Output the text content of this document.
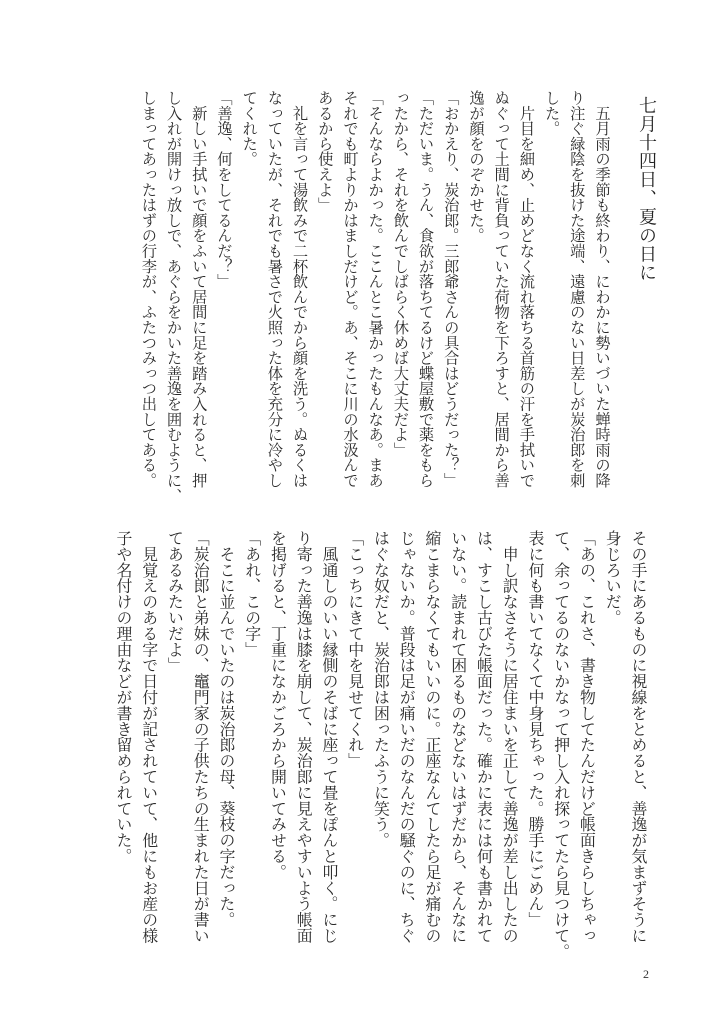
七月十四日、夏の日に
　五月雨の季節も終わり、にわかに勢いづいた蝉時雨の降
り注ぐ緑陰を抜けた途端、遠慮のない日差しが炭治郎を刺
した。
　片目を細め、止めどなく流れ落ちる首筋の汗を手拭いで
ぬぐって土間に背負っていた荷物を下ろすと、居間から善
逸が顔をのぞかせた。
「おかえり、炭治郎。三郎爺さんの具合はどうだった？」
「ただいま。うん、食欲が落ちてるけど蝶屋敷で薬をもら
ったから、それを飲んでしばらく休めば大丈夫だよ」
「そんならよかった。ここんとこ暑かったもんなあ。まあ
それでも町よりかはましだけど。あ、そこに川の水汲んで
あるから使えよ」
　礼を言って湯飲みで二杯飲んでから顔を洗う。ぬるくは
なっていたが、それでも暑さで火照った体を充分に冷やし
てくれた。
「善逸、何をしてるんだ？」
　新しい手拭いで顔をふいて居間に足を踏み入れると、押
し入れが開けっ放しで、あぐらをかいた善逸を囲むように、
しまってあったはずの行李が、ふたつみっつ出してある。
その手にあるものに視線をとめると、善逸が気まずそうに
身じろいだ。
「あの、これさ、書き物してたんだけど帳面きらしちゃっ
て、余ってるのないかなって押し入れ探ってたら見つけて。
表に何も書いてなくて中身見ちゃった。勝手にごめん」
　申し訳なさそうに居住まいを正して善逸が差し出したの
は、すこし古びた帳面だった。確かに表には何も書かれて
いない。読まれて困るものなどないはずだから、そんなに
縮こまらなくてもいいのに。正座なんてしたら足が痛むの
じゃないか。普段は足が痛いだのなんだの騒ぐのに、ちぐ
はぐな奴だと、炭治郎は困ったふうに笑う。
「こっちにきて中を見せてくれ」
　風通しのいい縁側のそばに座って畳をぽんと叩く。にじ
り寄った善逸は膝を崩して、炭治郎に見えやすいよう帳面
を掲げると、丁重になかごろから開いてみせる。
「あれ、この字」
　そこに並んでいたのは炭治郎の母、葵枝の字だった。
「炭治郎と弟妹の、竈門家の子供たちの生まれた日が書い
てあるみたいだよ」
　見覚えのある字で日付が記されていて、他にもお産の様
子や名付けの理由などが書き留められていた。
2
